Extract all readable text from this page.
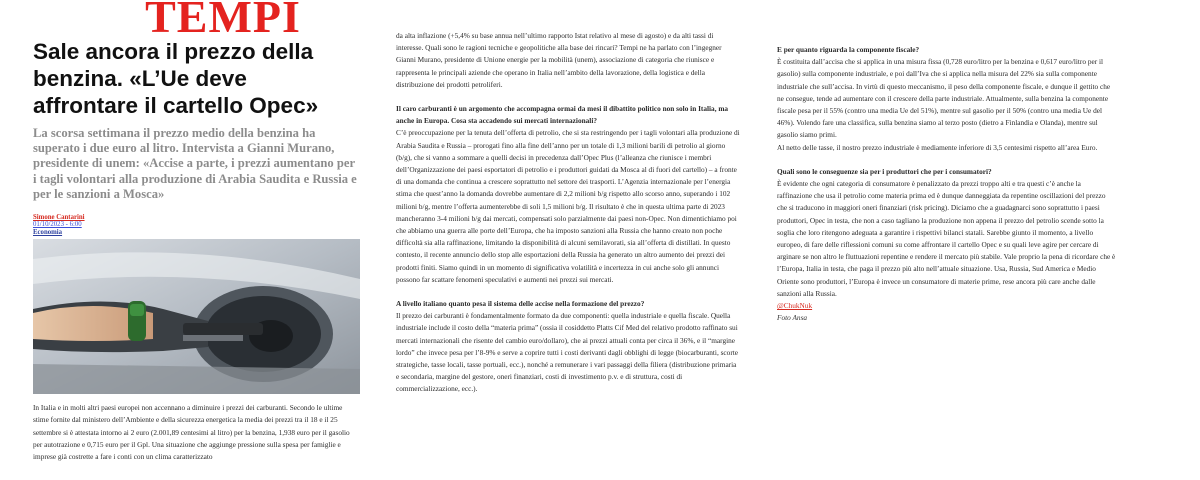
TEMPI
Sale ancora il prezzo della benzina. «L’Ue deve affrontare il cartello Opec»
La scorsa settimana il prezzo medio della benzina ha superato i due euro al litro. Intervista a Gianni Murano, presidente di unem: «Accise a parte, i prezzi aumentano per i tagli volontari alla produzione di Arabia Saudita e Russia e per le sanzioni a Mosca»
Simone Cantarini
01/10/2023 - 6:00
Economia

In Italia e in molti altri paesi europei non accennano a diminuire i prezzi dei carburanti. Secondo le ultime stime fornite dal ministero dell’Ambiente e della sicurezza energetica la media dei prezzi tra il 18 e il 25 settembre si è attestata intorno ai 2 euro (2.001,89 centesimi al litro) per la benzina, 1,938 euro per il gasolio per autotrazione e 0,715 euro per il Gpl. Una situazione che aggiunge pressione sulla spesa per famiglie e imprese già costrette a fare i conti con un clima caratterizzato

da alta inflazione (+5,4% su base annua nell’ultimo rapporto Istat relativo al mese di agosto) e da alti tassi di interesse. Quali sono le ragioni tecniche e geopolitiche alla base dei rincari? Tempi ne ha parlato con l’ingegner Gianni Murano, presidente di Unione energie per la mobilità (unem), associazione di categoria che riunisce e rappresenta le principali aziende che operano in Italia nell’ambito della lavorazione, della logistica e della distribuzione dei prodotti petroliferi.

Il caro carburanti è un argomento che accompagna ormai da mesi il dibattito politico non solo in Italia, ma anche in Europa. Cosa sta accadendo sui mercati internazionali?

C’è preoccupazione per la tenuta dell’offerta di petrolio, che si sta restringendo per i tagli volontari alla produzione di Arabia Saudita e Russia – prorogati fino alla fine dell’anno per un totale di 1,3 milioni barili di petrolio al giorno (b/g), che si vanno a sommare a quelli decisi in precedenza dall’Opec Plus (l’alleanza che riunisce i membri dell’Organizzazione dei paesi esportatori di petrolio e i produttori guidati da Mosca al di fuori del cartello) – a fronte di una domanda che continua a crescere soprattutto nel settore dei trasporti. L’Agenzia internazionale per l’energia stima che quest’anno la domanda dovrebbe aumentare di 2,2 milioni b/g rispetto allo scorso anno, superando i 102 milioni b/g, mentre l’offerta aumenterebbe di soli 1,5 milioni b/g. Il risultato è che in questa ultima parte di 2023 mancheranno 3-4 milioni b/g dai mercati, compensati solo parzialmente dai paesi non-Opec. Non dimentichiamo poi che abbiamo una guerra alle porte dell’Europa, che ha imposto sanzioni alla Russia che hanno creato non poche difficoltà sia alla raffinazione, limitando la disponibilità di alcuni semilavorati, sia all’offerta di distillati. In questo contesto, il recente annuncio dello stop alle esportazioni della Russia ha generato un altro aumento dei prezzi dei prodotti finiti. Siamo quindi in un momento di significativa volatilità e incertezza in cui anche solo gli annunci possono far scattare fenomeni speculativi e aumenti nei prezzi sui mercati.

A livello italiano quanto pesa il sistema delle accise nella formazione del prezzo?

Il prezzo dei carburanti è fondamentalmente formato da due componenti: quella industriale e quella fiscale. Quella industriale include il costo della “materia prima” (ossia il cosiddetto Platts Cif Med del relativo prodotto raffinato sui mercati internazionali che risente del cambio euro/dollaro), che ai prezzi attuali conta per circa il 36%, e il “margine lordo” che invece pesa per l’8-9% e serve a coprire tutti i costi derivanti dagli obblighi di legge (biocarburanti, scorte strategiche, tasse locali, tasse portuali, ecc.), nonché a remunerare i vari passaggi della filiera (distribuzione primaria e secondaria, margine del gestore, oneri finanziari, costi di investimento p.v. e di struttura, costi di commercializzazione, ecc.).

E per quanto riguarda la componente fiscale?

È costituita dall’accisa che si applica in una misura fissa (0,728 euro/litro per la benzina e 0,617 euro/litro per il gasolio) sulla componente industriale, e poi dall’Iva che si applica nella misura del 22% sia sulla componente industriale che sull’accisa. In virtù di questo meccanismo, il peso della componente fiscale, e dunque il gettito che ne consegue, tende ad aumentare con il crescere della parte industriale. Attualmente, sulla benzina la componente fiscale pesa per il 55% (contro una media Ue del 51%), mentre sul gasolio per il 50% (contro una media Ue del 46%). Volendo fare una classifica, sulla benzina siamo al terzo posto (dietro a Finlandia e Olanda), mentre sul gasolio siamo primi.

Al netto delle tasse, il nostro prezzo industriale è mediamente inferiore di 3,5 centesimi rispetto all’area Euro.

Quali sono le conseguenze sia per i produttori che per i consumatori?

È evidente che ogni categoria di consumatore è penalizzato da prezzi troppo alti e tra questi c’è anche la raffinazione che usa il petrolio come materia prima ed è dunque danneggiata da repentine oscillazioni del prezzo che si traducono in maggiori oneri finanziari (risk pricing). Diciamo che a guadagnarci sono soprattutto i paesi produttori, Opec in testa, che non a caso tagliano la produzione non appena il prezzo del petrolio scende sotto la soglia che loro ritengono adeguata a garantire i rispettivi bilanci statali. Sarebbe giunto il momento, a livello europeo, di fare delle riflessioni comuni su come affrontare il cartello Opec e su quali leve agire per cercare di arginare se non altro le fluttuazioni repentine e rendere il mercato più stabile. Vale proprio la pena di ricordare che è l’Europa, Italia in testa, che paga il prezzo più alto nell’attuale situazione. Usa, Russia, Sud America e Medio Oriente sono produttori, l’Europa è invece un consumatore di materie prime, rese ancora più care anche dalle sanzioni alla Russia.

@ChukNuk
Foto Ansa
